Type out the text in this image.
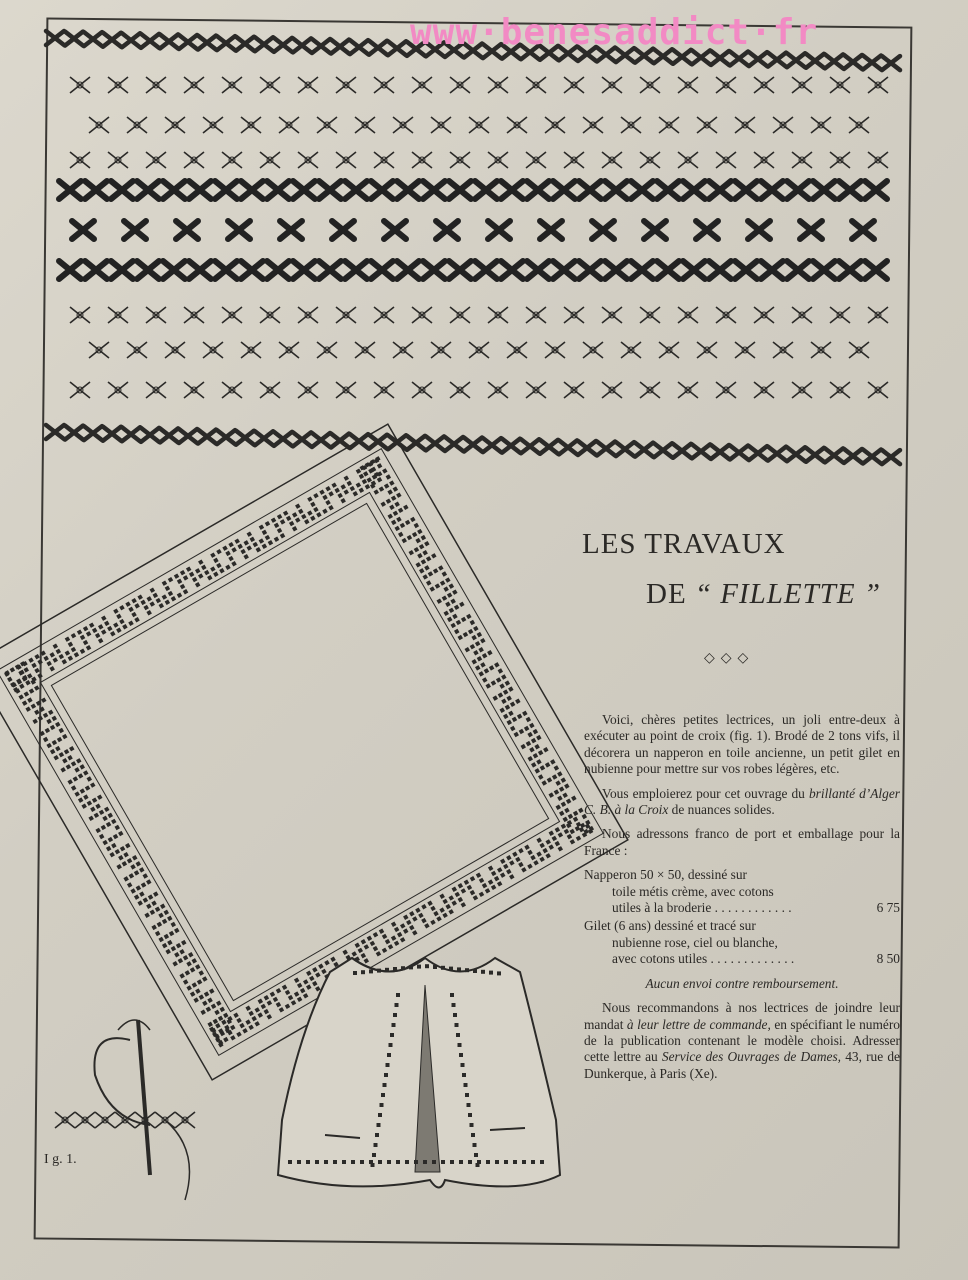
www·benesaddict·fr
LES TRAVAUX
DE “ FILLETTE ”
◇◇◇

Voici, chères petites lectrices, un joli entre-deux à exécuter au point de croix (fig. 1). Brodé de 2 tons vifs, il décorera un napperon en toile ancienne, un petit gilet en nubienne pour mettre sur vos robes légères, etc.

Vous emploierez pour cet ouvrage du brillanté d’Alger C. B. à la Croix de nuances solides.

Nous adressons franco de port et emballage pour la France :

Napperon 50 × 50, dessiné sur
toile métis crème, avec cotons
utiles à la broderie . . . . . . . . . . . .	6 75
Gilet (6 ans) dessiné et tracé sur
nubienne rose, ciel ou blanche,
avec cotons utiles . . . . . . . . . . . . .	8 50

Aucun envoi contre remboursement.

Nous recommandons à nos lectrices de joindre leur mandat à leur lettre de commande, en spécifiant le numéro de la publication contenant le modèle choisi. Adresser cette lettre au Service des Ouvrages de Dames, 43, rue de Dunkerque, à Paris (Xe).

I g. 1.
